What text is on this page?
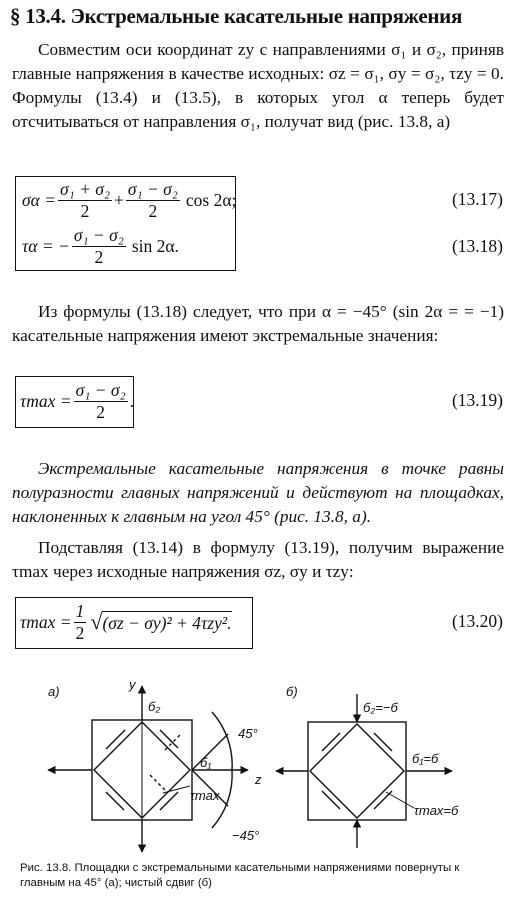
§ 13.4. Экстремальные касательные напряжения

Совместим оси координат zy с направлениями σ₁ и σ₂, приняв главные напряжения в качестве исходных: σz = σ₁, σy = σ₂, τzy = 0. Формулы (13.4) и (13.5), в которых угол α теперь будет отсчитываться от направления σ₁, получат вид (рис. 13.8, а)

$\sigma\alpha = \frac{\text{σ₁ + σ₂}}{2} + \frac{\text{σ₁ − σ₂}}{2}$ cos 2α;	(13.17)
τα = − $\frac{\text{σ₁ − σ₂}}{2}$ sin 2α.	(13.18)

Из формулы (13.18) следует, что при α = −45° (sin 2α = = −1) касательные напряжения имеют экстремальные значения:

$\tau\max = \frac{\text{σ₁ − σ₂}}{2}$ .	(13.19)

Экстремальные касательные напряжения в точке равны полуразности главных напряжений и действуют на площадках, наклоненных к главным на угол 45° (рис. 13.8, а).

Подставляя (13.14) в формулу (13.19), получим выражение τmax через исходные напряжения σz, σy и τzy:

$\tau\max = \frac{1}{2}$ √ (σz − σy)² + 4τzy².	(13.20)
а)	y
б₂
б₁
z
τmax
45°
−45°
б)
б₂=−б
б₁=б
τmax=б

Рис. 13.8. Площадки с экстремальными касательными напряжениями повернуты к главным на 45° (а); чистый сдвиг (б)
